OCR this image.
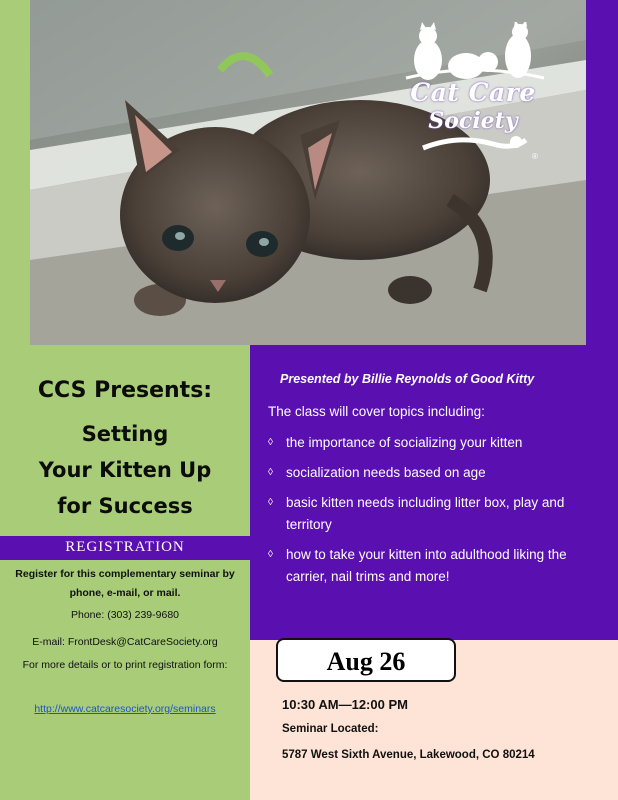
Cat Care
Society
®
CCS Presents:
Setting
Your Kitten Up
for Success
REGISTRATION
Register for this complementary seminar by phone, e-mail, or mail.
Phone: (303) 239-9680
E-mail: FrontDesk@CatCareSociety.org
For more details or to print registration form:
http://www.catcaresociety.org/seminars
Presented by Billie Reynolds of Good Kitty
The class will cover topics including:
◊ the importance of socializing your kitten
◊ socialization needs based on age
◊ basic kitten needs including litter box, play and territory
◊ how to take your kitten into adulthood liking the carrier, nail trims and more!
Aug 26
10:30 AM—12:00 PM
Seminar Located:
5787 West Sixth Avenue, Lakewood, CO 80214
